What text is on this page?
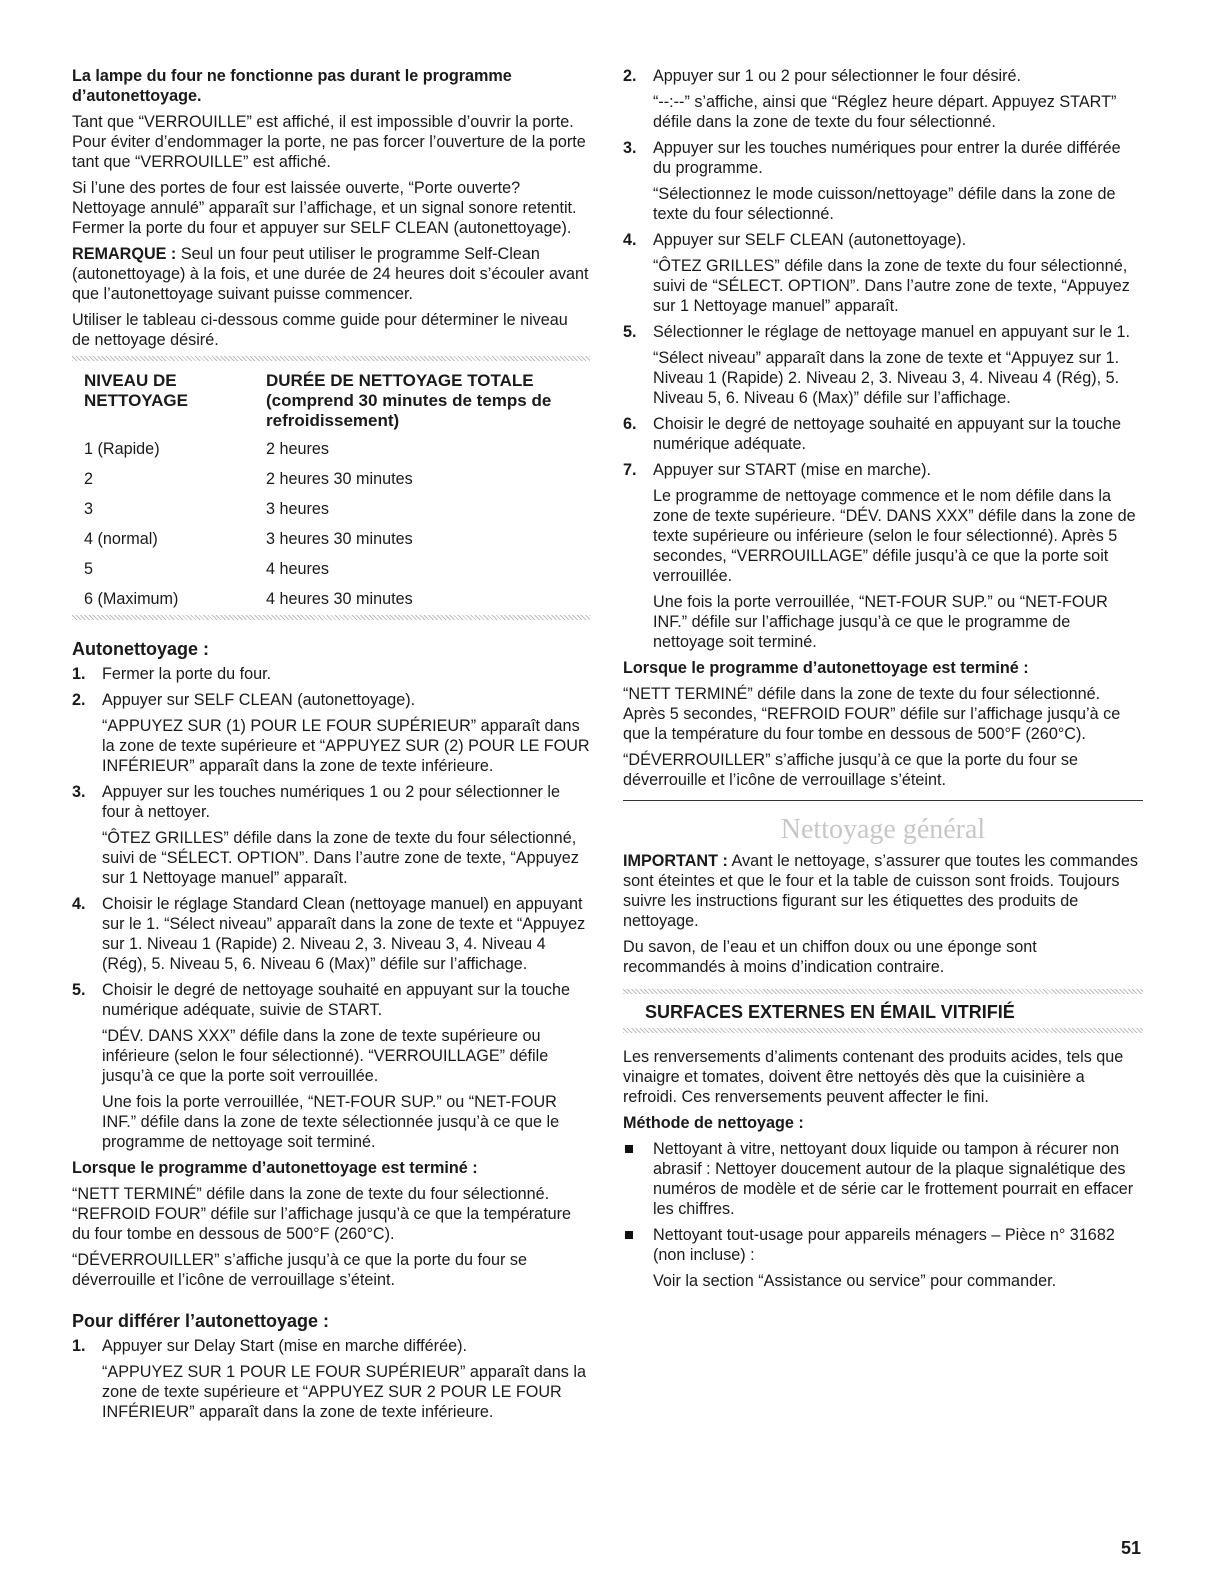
La lampe du four ne fonctionne pas durant le programme d’autonettoyage.

Tant que “VERROUILLE” est affiché, il est impossible d’ouvrir la porte. Pour éviter d’endommager la porte, ne pas forcer l’ouverture de la porte tant que “VERROUILLE” est affiché.

Si l’une des portes de four est laissée ouverte, “Porte ouverte? Nettoyage annulé” apparaît sur l’affichage, et un signal sonore retentit. Fermer la porte du four et appuyer sur SELF CLEAN (autonettoyage).

REMARQUE : Seul un four peut utiliser le programme Self-Clean (autonettoyage) à la fois, et une durée de 24 heures doit s’écouler avant que l’autonettoyage suivant puisse commencer.

Utiliser le tableau ci-dessous comme guide pour déterminer le niveau de nettoyage désiré.

NIVEAU DE NETTOYAGE	DURÉE DE NETTOYAGE TOTALE (comprend 30 minutes de temps de refroidissement)
1 (Rapide)	2 heures
2	2 heures 30 minutes
3	3 heures
4 (normal)	3 heures 30 minutes
5	4 heures
6 (Maximum)	4 heures 30 minutes
Autonettoyage :
1. Fermer la porte du four.

2. Appuyer sur SELF CLEAN (autonettoyage).

“APPUYEZ SUR (1) POUR LE FOUR SUPÉRIEUR” apparaît dans la zone de texte supérieure et “APPUYEZ SUR (2) POUR LE FOUR INFÉRIEUR” apparaît dans la zone de texte inférieure.

3. Appuyer sur les touches numériques 1 ou 2 pour sélectionner le four à nettoyer.

“ÔTEZ GRILLES” défile dans la zone de texte du four sélectionné, suivi de “SÉLECT. OPTION”. Dans l’autre zone de texte, “Appuyez sur 1 Nettoyage manuel” apparaît.

4. Choisir le réglage Standard Clean (nettoyage manuel) en appuyant sur le 1. “Sélect niveau” apparaît dans la zone de texte et “Appuyez sur 1. Niveau 1 (Rapide) 2. Niveau 2, 3. Niveau 3, 4. Niveau 4 (Rég), 5. Niveau 5, 6. Niveau 6 (Max)” défile sur l’affichage.

5. Choisir le degré de nettoyage souhaité en appuyant sur la touche numérique adéquate, suivie de START.

“DÉV. DANS XXX” défile dans la zone de texte supérieure ou inférieure (selon le four sélectionné). “VERROUILLAGE” défile jusqu’à ce que la porte soit verrouillée.

Une fois la porte verrouillée, “NET-FOUR SUP.” ou “NET-FOUR INF.” défile dans la zone de texte sélectionnée jusqu’à ce que le programme de nettoyage soit terminé.

Lorsque le programme d’autonettoyage est terminé :

“NETT TERMINÉ” défile dans la zone de texte du four sélectionné. “REFROID FOUR” défile sur l’affichage jusqu’à ce que la température du four tombe en dessous de 500°F (260°C).

“DÉVERROUILLER” s’affiche jusqu’à ce que la porte du four se déverrouille et l’icône de verrouillage s’éteint.

Pour différer l’autonettoyage :
1. Appuyer sur Delay Start (mise en marche différée).

“APPUYEZ SUR 1 POUR LE FOUR SUPÉRIEUR” apparaît dans la zone de texte supérieure et “APPUYEZ SUR 2 POUR LE FOUR INFÉRIEUR” apparaît dans la zone de texte inférieure.

2. Appuyer sur 1 ou 2 pour sélectionner le four désiré.

“--:--” s’affiche, ainsi que “Réglez heure départ. Appuyez START” défile dans la zone de texte du four sélectionné.

3. Appuyer sur les touches numériques pour entrer la durée différée du programme.

“Sélectionnez le mode cuisson/nettoyage” défile dans la zone de texte du four sélectionné.

4. Appuyer sur SELF CLEAN (autonettoyage).

“ÔTEZ GRILLES” défile dans la zone de texte du four sélectionné, suivi de “SÉLECT. OPTION”. Dans l’autre zone de texte, “Appuyez sur 1 Nettoyage manuel” apparaît.

5. Sélectionner le réglage de nettoyage manuel en appuyant sur le 1.

“Sélect niveau” apparaît dans la zone de texte et “Appuyez sur 1. Niveau 1 (Rapide) 2. Niveau 2, 3. Niveau 3, 4. Niveau 4 (Rég), 5. Niveau 5, 6. Niveau 6 (Max)” défile sur l’affichage.

6. Choisir le degré de nettoyage souhaité en appuyant sur la touche numérique adéquate.

7. Appuyer sur START (mise en marche).

Le programme de nettoyage commence et le nom défile dans la zone de texte supérieure. “DÉV. DANS XXX” défile dans la zone de texte supérieure ou inférieure (selon le four sélectionné). Après 5 secondes, “VERROUILLAGE” défile jusqu’à ce que la porte soit verrouillée.

Une fois la porte verrouillée, “NET-FOUR SUP.” ou “NET-FOUR INF.” défile sur l’affichage jusqu’à ce que le programme de nettoyage soit terminé.

Lorsque le programme d’autonettoyage est terminé :

“NETT TERMINÉ” défile dans la zone de texte du four sélectionné. Après 5 secondes, “REFROID FOUR” défile sur l’affichage jusqu’à ce que la température du four tombe en dessous de 500°F (260°C).

“DÉVERROUILLER” s’affiche jusqu’à ce que la porte du four se déverrouille et l’icône de verrouillage s’éteint.

Nettoyage général

IMPORTANT : Avant le nettoyage, s’assurer que toutes les commandes sont éteintes et que le four et la table de cuisson sont froids. Toujours suivre les instructions figurant sur les étiquettes des produits de nettoyage.

Du savon, de l’eau et un chiffon doux ou une éponge sont recommandés à moins d’indication contraire.

SURFACES EXTERNES EN ÉMAIL VITRIFIÉ

Les renversements d’aliments contenant des produits acides, tels que vinaigre et tomates, doivent être nettoyés dès que la cuisinière a refroidi. Ces renversements peuvent affecter le fini.

Méthode de nettoyage :

Nettoyant à vitre, nettoyant doux liquide ou tampon à récurer non abrasif : Nettoyer doucement autour de la plaque signalétique des numéros de modèle et de série car le frottement pourrait en effacer les chiffres.

Nettoyant tout-usage pour appareils ménagers – Pièce n° 31682 (non incluse) :

Voir la section “Assistance ou service” pour commander.

51
